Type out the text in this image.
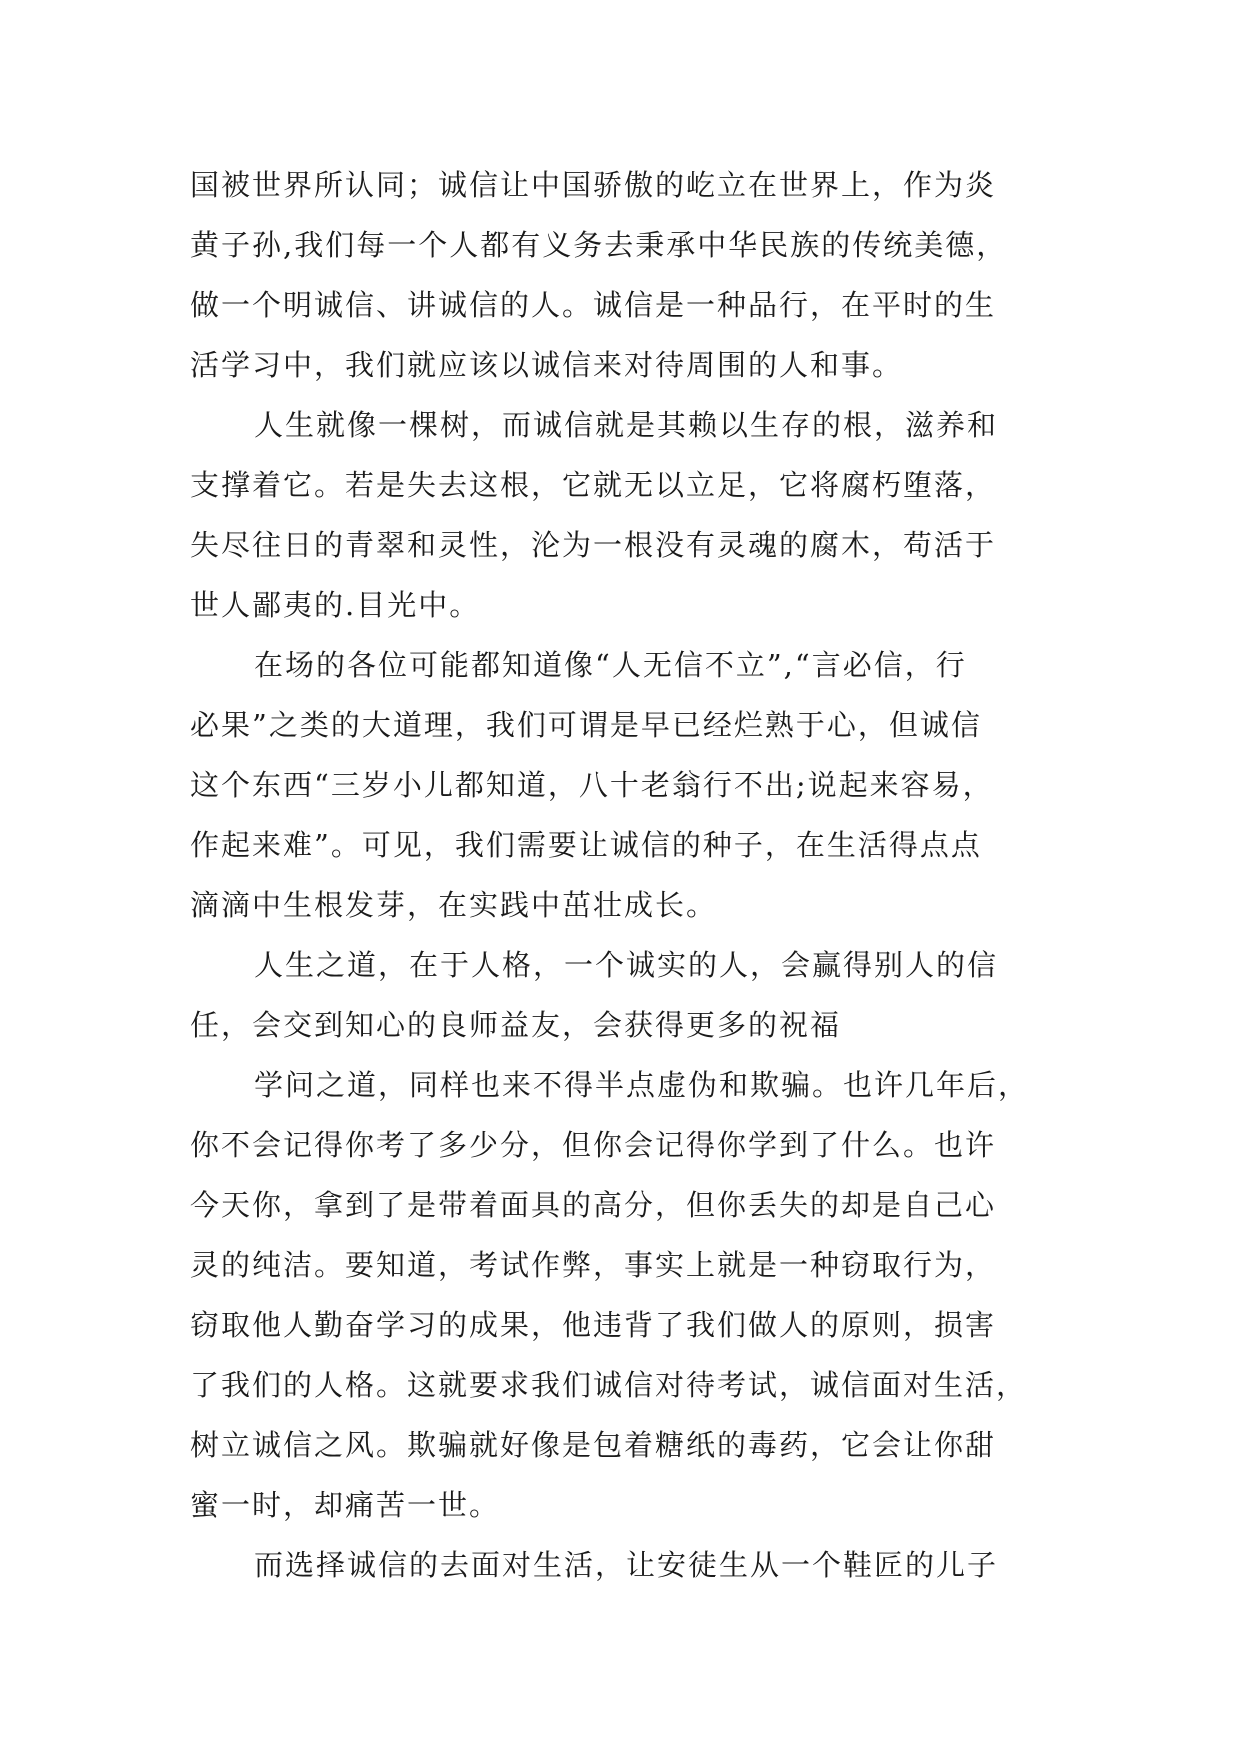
国被世界所认同；诚信让中国骄傲的屹立在世界上，作为炎
黄子孙,我们每一个人都有义务去秉承中华民族的传统美德，
做一个明诚信、讲诚信的人。诚信是一种品行，在平时的生
活学习中，我们就应该以诚信来对待周围的人和事。
人生就像一棵树，而诚信就是其赖以生存的根，滋养和
支撑着它。若是失去这根，它就无以立足，它将腐朽堕落，
失尽往日的青翠和灵性，沦为一根没有灵魂的腐木，苟活于
世人鄙夷的.目光中。
在场的各位可能都知道像“人无信不立”,“言必信，行
必果”之类的大道理，我们可谓是早已经烂熟于心，但诚信
这个东西“三岁小儿都知道，八十老翁行不出;说起来容易，
作起来难”。可见，我们需要让诚信的种子，在生活得点点
滴滴中生根发芽，在实践中茁壮成长。
人生之道，在于人格，一个诚实的人，会赢得别人的信
任，会交到知心的良师益友，会获得更多的祝福
学问之道，同样也来不得半点虚伪和欺骗。也许几年后，
你不会记得你考了多少分，但你会记得你学到了什么。也许
今天你，拿到了是带着面具的高分，但你丢失的却是自己心
灵的纯洁。要知道，考试作弊，事实上就是一种窃取行为，
窃取他人勤奋学习的成果，他违背了我们做人的原则，损害
了我们的人格。这就要求我们诚信对待考试，诚信面对生活，
树立诚信之风。欺骗就好像是包着糖纸的毒药，它会让你甜
蜜一时，却痛苦一世。
而选择诚信的去面对生活，让安徒生从一个鞋匠的儿子
